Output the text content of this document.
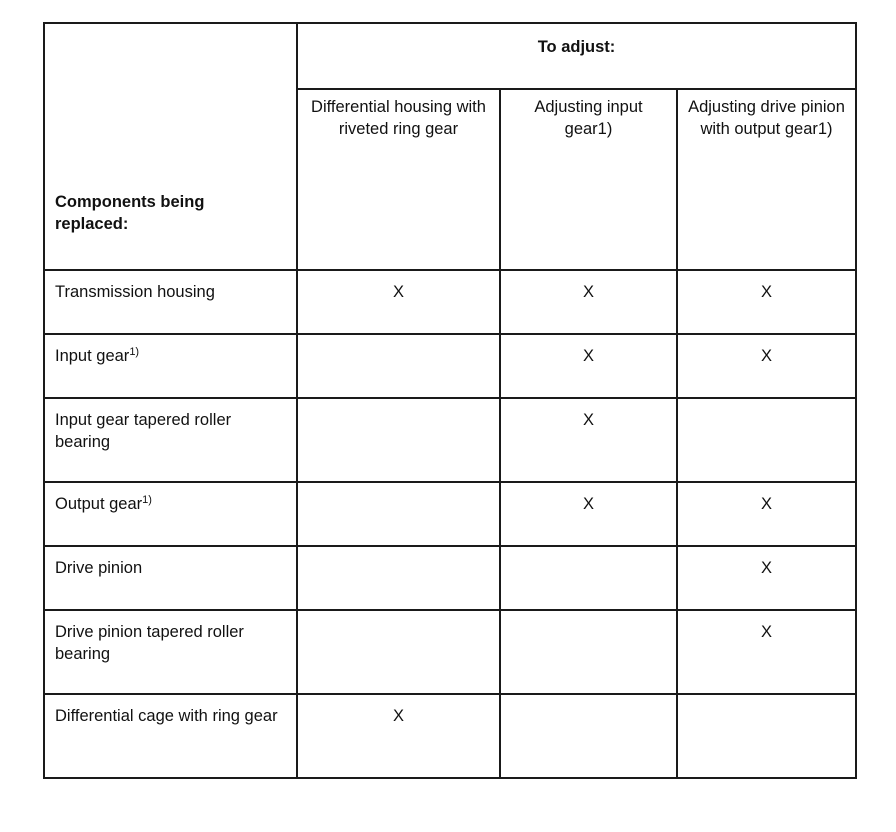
Components being replaced:	To adjust:		

	Differential housing with riveted ring gear	Adjusting input gear1)	Adjusting drive pinion with output gear1)

Transmission housing	X	X	X

Input gear$^{1)}$		X	X

Input gear tapered roller bearing		X	

Output gear$^{1)}$		X	X

Drive pinion			X

Drive pinion tapered roller bearing			X

Differential cage with ring gear	X		
